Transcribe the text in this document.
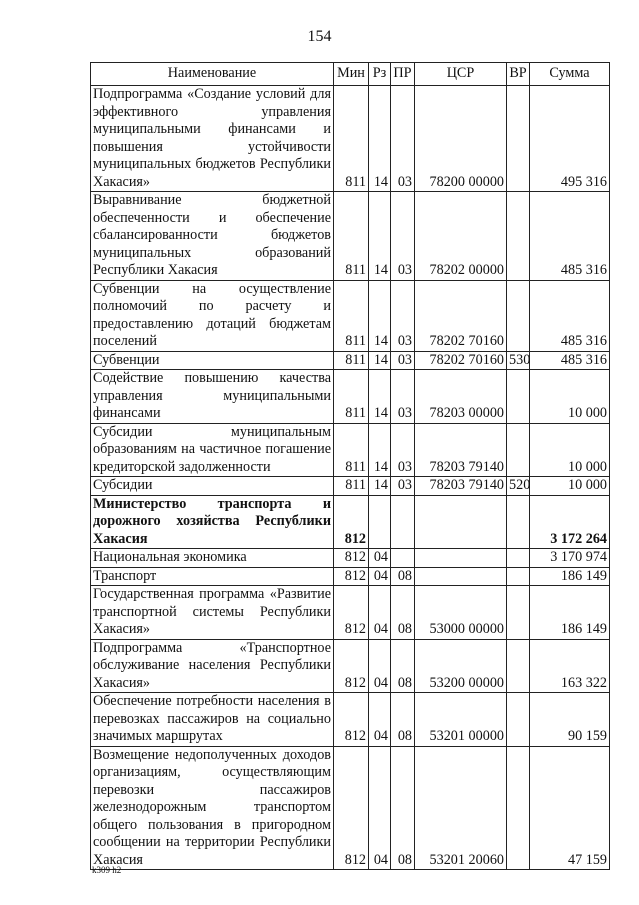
154
Наименование	Мин	Рз	ПР	ЦСР	ВР	Сумма
Подпрограмма «Создание условий для эффективного управления муниципальными финансами и повышения устойчивости муниципальных бюджетов Республики Хакасия»	811	14	03	78200 00000		495 316
Выравнивание бюджетной обеспеченности и обеспечение сбалансированности бюджетов муниципальных образований Республики Хакасия	811	14	03	78202 00000		485 316
Субвенции на осуществление полномочий по расчету и предоставлению дотаций бюджетам поселений	811	14	03	78202 70160		485 316
Субвенции	811	14	03	78202 70160	530	485 316
Содействие повышению качества управления муниципальными финансами	811	14	03	78203 00000		10 000
Субсидии муниципальным образованиям на частичное погашение кредиторской задолженности	811	14	03	78203 79140		10 000
Субсидии	811	14	03	78203 79140	520	10 000
Министерство транспорта и дорожного хозяйства Республики Хакасия	812					3 172 264
Национальная экономика	812	04				3 170 974
Транспорт	812	04	08			186 149
Государственная программа «Развитие транспортной системы Республики Хакасия»	812	04	08	53000 00000		186 149
Подпрограмма «Транспортное обслуживание населения Республики Хакасия»	812	04	08	53200 00000		163 322
Обеспечение потребности населения в перевозках пассажиров на социально значимых маршрутах	812	04	08	53201 00000		90 159
Возмещение недополученных доходов организациям, осуществляющим перевозки пассажиров железнодорожным транспортом общего пользования в пригородном сообщении на территории Республики Хакасия	812	04	08	53201 20060		47 159
k309 h2
